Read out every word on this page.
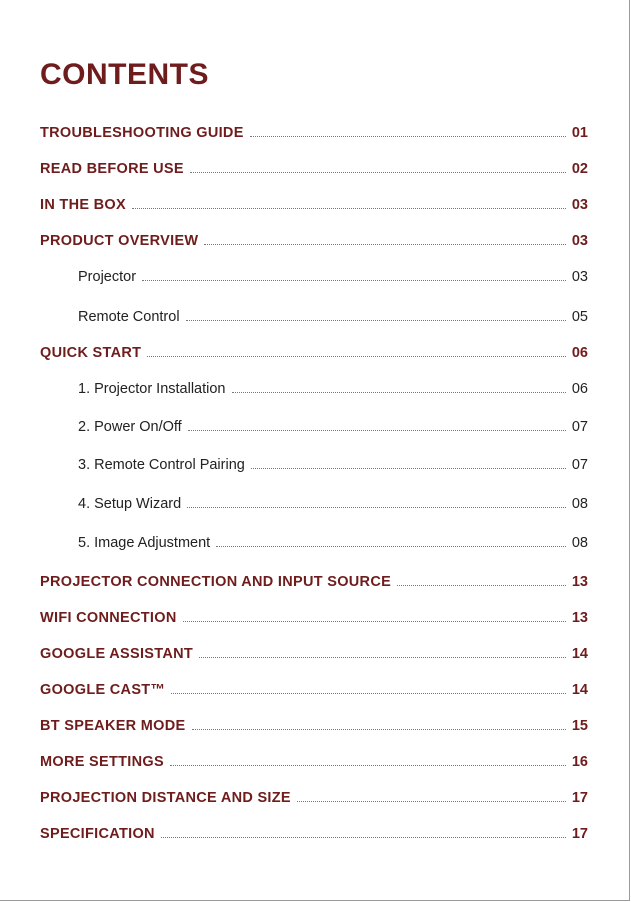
CONTENTS
TROUBLESHOOTING GUIDE	01
READ BEFORE USE	02
IN THE BOX	03
PRODUCT OVERVIEW	03
Projector	03
Remote Control	05
QUICK START	06
1. Projector Installation	06
2. Power On/Off	07
3. Remote Control Pairing	07
4. Setup Wizard	08
5. Image Adjustment	08
PROJECTOR CONNECTION AND INPUT SOURCE	13
WIFI CONNECTION	13
GOOGLE ASSISTANT	14
GOOGLE CAST™	14
BT SPEAKER MODE	15
MORE SETTINGS	16
PROJECTION DISTANCE AND SIZE	17
SPECIFICATION	17
